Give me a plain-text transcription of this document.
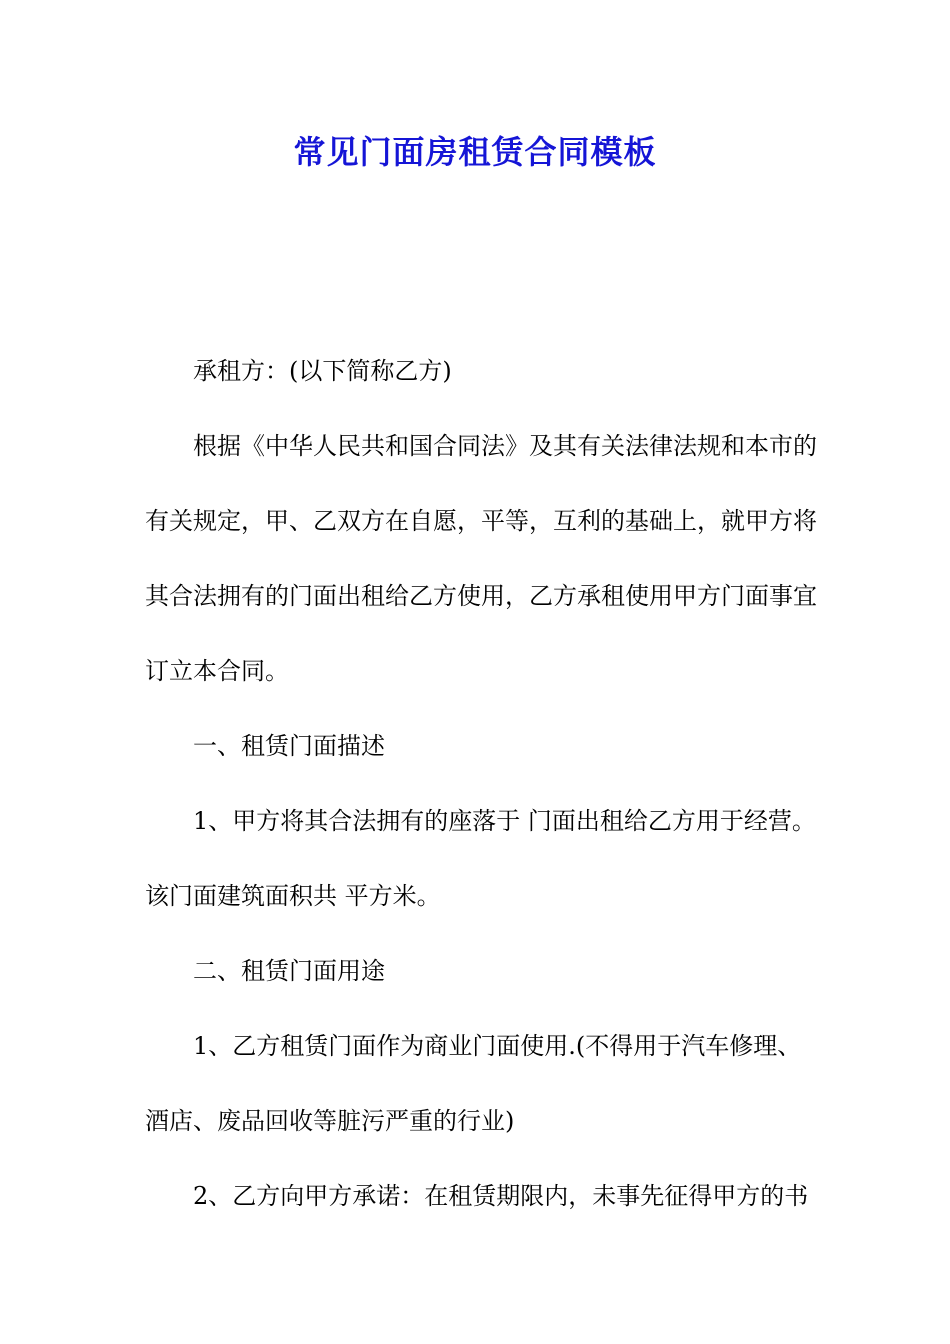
常见门面房租赁合同模板

承租方：(以下简称乙方)

根据《中华人民共和国合同法》及其有关法律法规和本市的有关规定，甲、乙双方在自愿，平等，互利的基础上，就甲方将其合法拥有的门面出租给乙方使用，乙方承租使用甲方门面事宜订立本合同。

一、租赁门面描述

1、甲方将其合法拥有的座落于 门面出租给乙方用于经营。该门面建筑面积共 平方米。

二、租赁门面用途

1、乙方租赁门面作为商业门面使用.(不得用于汽车修理、酒店、废品回收等脏污严重的行业)

2、乙方向甲方承诺：在租赁期限内，未事先征得甲方的书
